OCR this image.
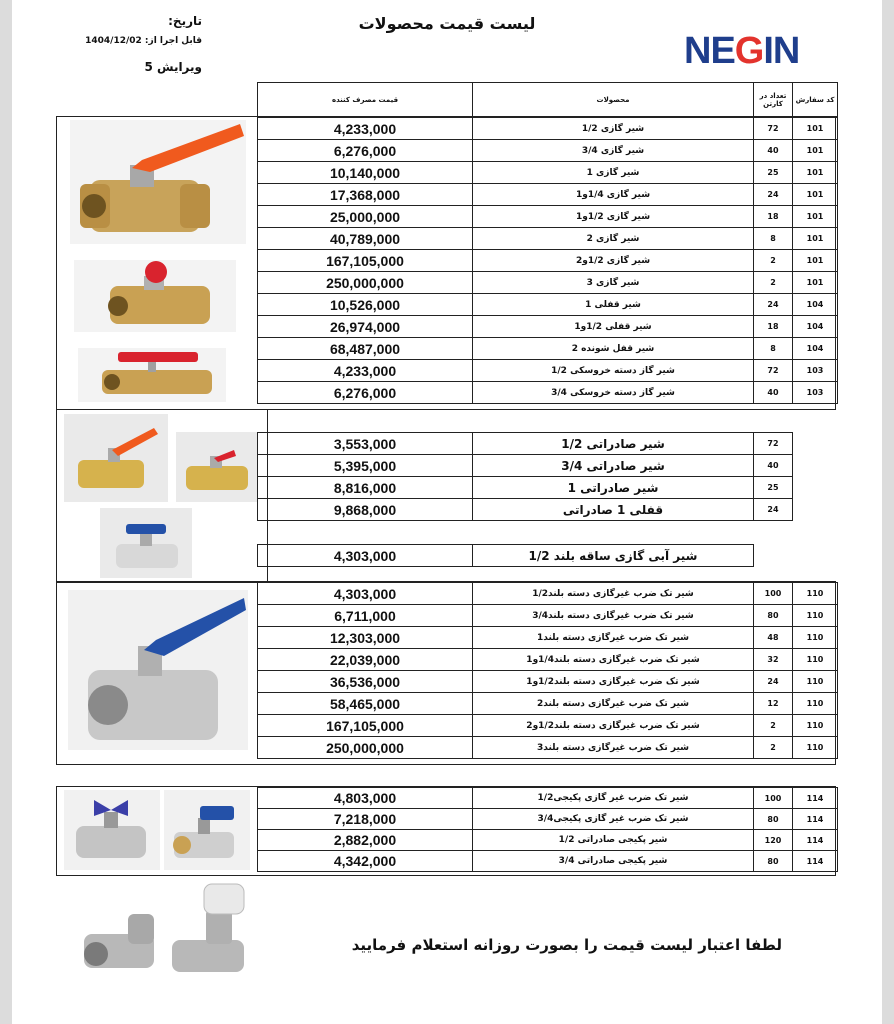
لیست قیمت محصولات
NEGIN
تاریخ:
قابل اجرا از: 1404/12/02
ویرایش 5
قیمت مصرف کننده	محصولات	تعداد در کارتن	کد سفارش
4,233,000	شیر گازی 1/2	72	101
6,276,000	شیر گازی 3/4	40	101
10,140,000	شیر گازی 1	25	101
17,368,000	شیر گازی 1/4و1	24	101
25,000,000	شیر گازی 1/2و1	18	101
40,789,000	شیر گازی 2	8	101
167,105,000	شیر گازی 1/2و2	2	101
250,000,000	شیر گازی 3	2	101
10,526,000	شیر قفلی 1	24	104
26,974,000	شیر قفلی 1/2و1	18	104
68,487,000	شیر قفل شونده 2	8	104
4,233,000	شیر گاز دسته خروسکی 1/2	72	103
6,276,000	شیر گاز دسته خروسکی 3/4	40	103
3,553,000	شیر صادراتی 1/2	72
5,395,000	شیر صادراتی 3/4	40
8,816,000	شیر صادراتی 1	25
9,868,000	قفلی 1 صادراتی	24
4,303,000	شیر آبی گازی ساقه بلند 1/2
4,303,000	شیر تک ضرب غیرگازی دسته بلند1/2	100	110
6,711,000	شیر تک ضرب غیرگازی دسته بلند3/4	80	110
12,303,000	شیر تک ضرب غیرگازی دسته بلند1	48	110
22,039,000	شیر تک ضرب غیرگازی دسته بلند1/4و1	32	110
36,536,000	شیر تک ضرب غیرگازی دسته بلند1/2و1	24	110
58,465,000	شیر تک ضرب غیرگازی دسته بلند2	12	110
167,105,000	شیر تک ضرب غیرگازی دسته بلند1/2و2	2	110
250,000,000	شیر تک ضرب غیرگازی دسته بلند3	2	110
4,803,000	شیر تک ضرب غیر گازی پکیجی1/2	100	114
7,218,000	شیر تک ضرب غیر گازی پکیجی3/4	80	114
2,882,000	شیر پکیجی صادراتی 1/2	120	114
4,342,000	شیر پکیجی صادراتی 3/4	80	114
لطفا اعتبار لیست قیمت را بصورت روزانه استعلام فرمایید
